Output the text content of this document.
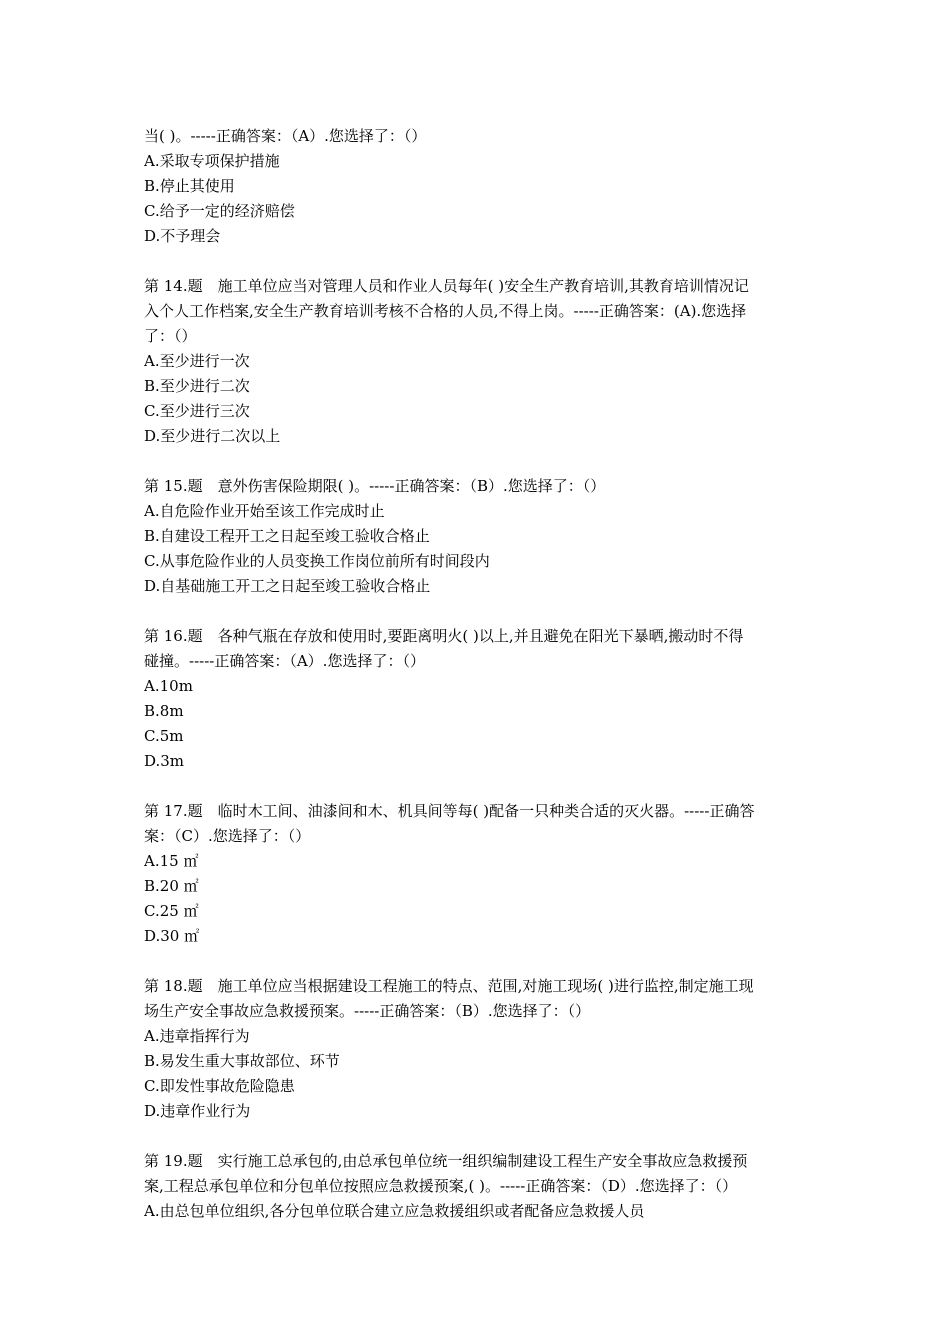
当( )。-----正确答案：（A）.您选择了：（）
A.采取专项保护措施
B.停止其使用
C.给予一定的经济赔偿
D.不予理会
第 14.题　施工单位应当对管理人员和作业人员每年( )安全生产教育培训,其教育培训情况记
入个人工作档案,安全生产教育培训考核不合格的人员,不得上岗。-----正确答案：(A).您选择
了：（）
A.至少进行一次
B.至少进行二次
C.至少进行三次
D.至少进行二次以上
第 15.题　意外伤害保险期限( )。-----正确答案：（B）.您选择了：（）
A.自危险作业开始至该工作完成时止
B.自建设工程开工之日起至竣工验收合格止
C.从事危险作业的人员变换工作岗位前所有时间段内
D.自基础施工开工之日起至竣工验收合格止
第 16.题　各种气瓶在存放和使用时,要距离明火( )以上,并且避免在阳光下暴晒,搬动时不得
碰撞。-----正确答案：（A）.您选择了：（）
A.10m
B.8m
C.5m
D.3m
第 17.题　临时木工间、油漆间和木、机具间等每( )配备一只种类合适的灭火器。-----正确答
案：（C）.您选择了：（）
A.15 ㎡
B.20 ㎡
C.25 ㎡
D.30 ㎡
第 18.题　施工单位应当根据建设工程施工的特点、范围,对施工现场( )进行监控,制定施工现
场生产安全事故应急救援预案。-----正确答案：（B）.您选择了：（）
A.违章指挥行为
B.易发生重大事故部位、环节
C.即发性事故危险隐患
D.违章作业行为
第 19.题　实行施工总承包的,由总承包单位统一组织编制建设工程生产安全事故应急救援预
案,工程总承包单位和分包单位按照应急救援预案,( )。-----正确答案：（D）.您选择了：（）
A.由总包单位组织,各分包单位联合建立应急救援组织或者配备应急救援人员
